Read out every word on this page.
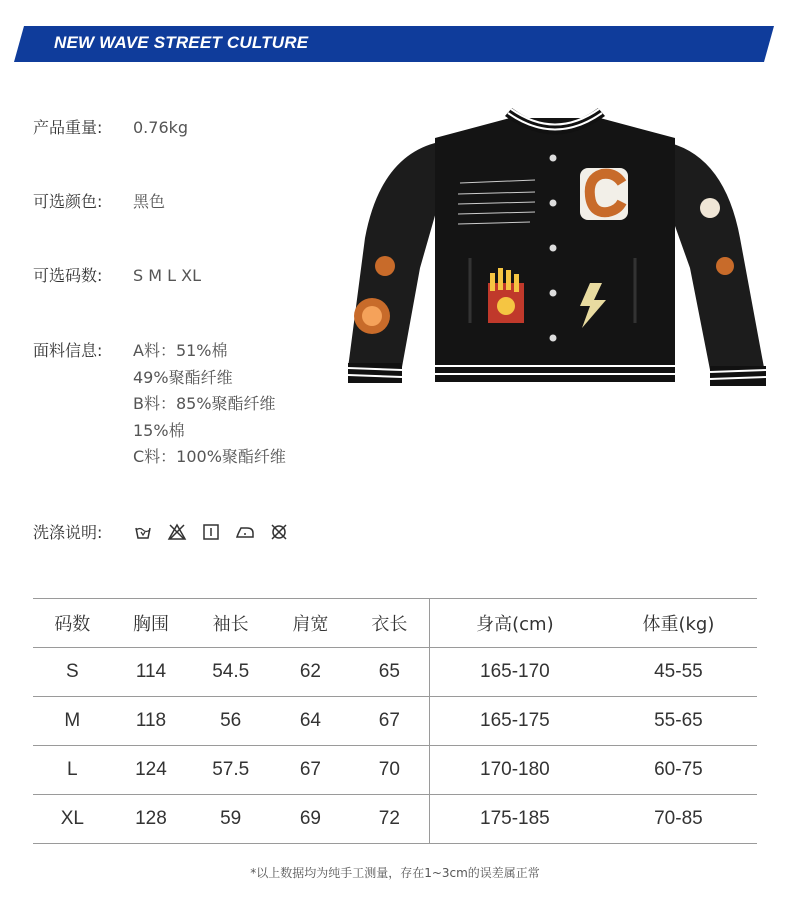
NEW WAVE STREET CULTURE
产品重量:	0.76kg
可选颜色:	黑色
可选码数:	S M L XL
面料信息:	A料：51%棉
49%聚酯纤维
B料：85%聚酯纤维
15%棉
C料：100%聚酯纤维
洗涤说明:
码数	胸围	袖长	肩宽	衣长	身高(cm)	体重(kg)
S	114	54.5	62	65	165-170	45-55
M	118	56	64	67	165-175	55-65
L	124	57.5	67	70	170-180	60-75
XL	128	59	69	72	175-185	70-85
*以上数据均为纯手工测量，存在1~3cm的误差属正常
